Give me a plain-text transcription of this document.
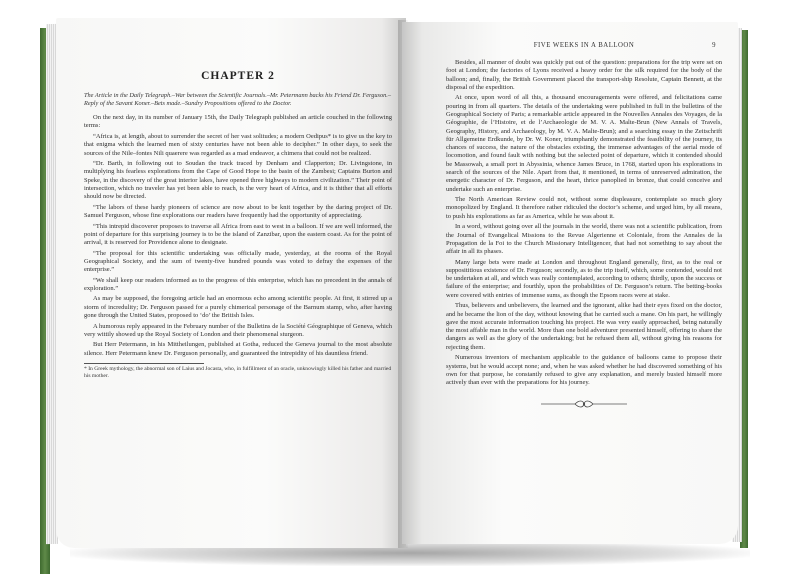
CHAPTER 2

The Article in the Daily Telegraph.–War between the Scientific Journals.–Mr. Petermann backs his Friend Dr. Ferguson.–Reply of the Savant Koner.–Bets made.–Sundry Propositions offered to the Doctor.

On the next day, in its number of January 15th, the Daily Telegraph published an article couched in the following terms:

“Africa is, at length, about to surrender the secret of her vast solitudes; a modern Oedipus* is to give us the key to that enigma which the learned men of sixty centuries have not been able to decipher.” In other days, to seek the sources of the Nile–fontes Nili quaerere was regarded as a mad endeavor, a chimera that could not be realized.

“Dr. Barth, in following out to Soudan the track traced by Denham and Clapperton; Dr. Livingstone, in multiplying his fearless explorations from the Cape of Good Hope to the basin of the Zambesi; Captains Burton and Speke, in the discovery of the great interior lakes, have opened three highways to modern civilization.” Their point of intersection, which no traveler has yet been able to reach, is the very heart of Africa, and it is thither that all efforts should now be directed.

“The labors of these hardy pioneers of science are now about to be knit together by the daring project of Dr. Samuel Ferguson, whose fine explorations our readers have frequently had the opportunity of appreciating.

“This intrepid discoverer proposes to traverse all Africa from east to west in a balloon. If we are well informed, the point of departure for this surprising journey is to be the island of Zanzibar, upon the eastern coast. As for the point of arrival, it is reserved for Providence alone to designate.

“The proposal for this scientific undertaking was officially made, yesterday, at the rooms of the Royal Geographical Society, and the sum of twenty-five hundred pounds was voted to defray the expenses of the enterprise.”

“We shall keep our readers informed as to the progress of this enterprise, which has no precedent in the annals of exploration.”

As may be supposed, the foregoing article had an enormous echo among scientific people. At first, it stirred up a storm of incredulity; Dr. Ferguson passed for a purely chimerical personage of the Barnum stamp, who, after having gone through the United States, proposed to ‘do’ the British Isles.

A humorous reply appeared in the February number of the Bulletins de la Société Géographique of Geneva, which very wittily showed up the Royal Society of London and their phenomenal sturgeon.

But Herr Petermann, in his Mittheilungen, published at Gotha, reduced the Geneva journal to the most absolute silence. Herr Petermann knew Dr. Ferguson personally, and guaranteed the intrepidity of his dauntless friend.

* In Greek mythology, the abnormal son of Laius and Jocasta, who, in fulfillment of an oracle, unknowingly killed his father and married his mother.

FIVE WEEKS IN A BALLOON	9

Besides, all manner of doubt was quickly put out of the question: preparations for the trip were set on foot at London; the factories of Lyons received a heavy order for the silk required for the body of the balloon; and, finally, the British Government placed the transport-ship Resolute, Captain Bennett, at the disposal of the expedition.

At once, upon word of all this, a thousand encouragements were offered, and felicitations came pouring in from all quarters. The details of the undertaking were published in full in the bulletins of the Geographical Society of Paris; a remarkable article appeared in the Nouvelles Annales des Voyages, de la Géographie, de l’Histoire, et de l’Archaeologie de M. V. A. Malte-Brun (New Annals of Travels, Geography, History, and Archaeology, by M. V. A. Malte-Brun); and a searching essay in the Zeitschrift für Allgemeine Erdkunde, by Dr. W. Koner, triumphantly demonstrated the feasibility of the journey, its chances of success, the nature of the obstacles existing, the immense advantages of the aerial mode of locomotion, and found fault with nothing but the selected point of departure, which it contended should be Massowah, a small port in Abyssinia, whence James Bruce, in 1768, started upon his explorations in search of the sources of the Nile. Apart from that, it mentioned, in terms of unreserved admiration, the energetic character of Dr. Ferguson, and the heart, thrice panoplied in bronze, that could conceive and undertake such an enterprise.

The North American Review could not, without some displeasure, contemplate so much glory monopolized by England. It therefore rather ridiculed the doctor’s scheme, and urged him, by all means, to push his explorations as far as America, while he was about it.

In a word, without going over all the journals in the world, there was not a scientific publication, from the Journal of Evangelical Missions to the Revue Algerienne et Coloniale, from the Annales de la Propagation de la Foi to the Church Missionary Intelligencer, that had not something to say about the affair in all its phases.

Many large bets were made at London and throughout England generally, first, as to the real or supposititious existence of Dr. Ferguson; secondly, as to the trip itself, which, some contended, would not be undertaken at all, and which was really contemplated, according to others; thirdly, upon the success or failure of the enterprise; and fourthly, upon the probabilities of Dr. Ferguson’s return. The betting-books were covered with entries of immense sums, as though the Epsom races were at stake.

Thus, believers and unbelievers, the learned and the ignorant, alike had their eyes fixed on the doctor, and he became the lion of the day, without knowing that he carried such a mane. On his part, he willingly gave the most accurate information touching his project. He was very easily approached, being naturally the most affable man in the world. More than one bold adventurer presented himself, offering to share the dangers as well as the glory of the undertaking; but he refused them all, without giving his reasons for rejecting them.

Numerous inventors of mechanism applicable to the guidance of balloons came to propose their systems, but he would accept none; and, when he was asked whether he had discovered something of his own for that purpose, he constantly refused to give any explanation, and merely busied himself more actively than ever with the preparations for his journey.
